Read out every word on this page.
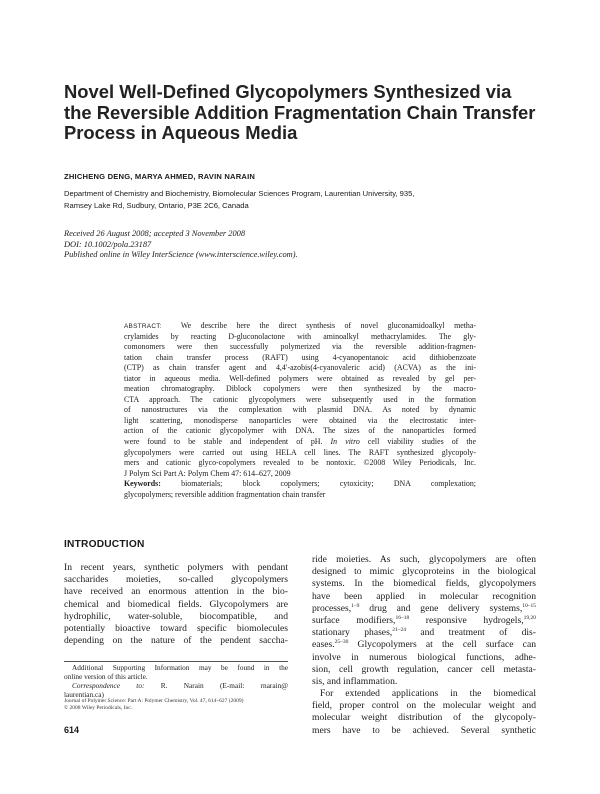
Novel Well-Defined Glycopolymers Synthesized via
the Reversible Addition Fragmentation Chain Transfer
Process in Aqueous Media
ZHICHENG DENG, MARYA AHMED, RAVIN NARAIN
Department of Chemistry and Biochemistry, Biomolecular Sciences Program, Laurentian University, 935,
Ramsey Lake Rd, Sudbury, Ontario, P3E 2C6, Canada
Received 26 August 2008; accepted 3 November 2008
DOI: 10.1002/pola.23187
Published online in Wiley InterScience (www.interscience.wiley.com).
ABSTRACT: We describe here the direct synthesis of novel gluconamidoalkyl metha-
crylamides by reacting D-gluconolactone with aminoalkyl methacrylamides. The gly-
comonomers were then successfully polymerized via the reversible addition-fragmen-
tation chain transfer process (RAFT) using 4-cyanopentanoic acid dithiobenzoate
(CTP) as chain transfer agent and 4,4′-azobis(4-cyanovaleric acid) (ACVA) as the ini-
tiator in aqueous media. Well-defined polymers were obtained as revealed by gel per-
meation chromatography. Diblock copolymers were then synthesized by the macro-
CTA approach. The cationic glycopolymers were subsequently used in the formation
of nanostructures via the complexation with plasmid DNA. As noted by dynamic
light scattering, monodisperse nanoparticles were obtained via the electrostatic inter-
action of the cationic glycopolymer with DNA. The sizes of the nanoparticles formed
were found to be stable and independent of pH. In vitro cell viability studies of the
glycopolymers were carried out using HELA cell lines. The RAFT synthesized glycopoly-
mers and cationic glyco-copolymers revealed to be nontoxic. ©2008 Wiley Periodicals, Inc.
J Polym Sci Part A: Polym Chem 47: 614–627, 2009
Keywords:	biomaterials; block copolymers; cytoxicity; DNA complexation;
glycopolymers; reversible addition fragmentation chain transfer
INTRODUCTION
In recent years, synthetic polymers with pendant
saccharides moieties, so-called glycopolymers
have received an enormous attention in the bio-
chemical and biomedical fields. Glycopolymers are
hydrophilic, water-soluble, biocompatible, and
potentially bioactive toward specific biomolecules
depending on the nature of the pendent saccha-
ride moieties. As such, glycopolymers are often
designed to mimic glycoproteins in the biological
systems. In the biomedical fields, glycopolymers
have been applied in molecular recognition
processes,$^{1-9}$ drug and gene delivery systems,$^{10-15}$
surface modifiers,$^{16-18}$ responsive hydrogels,$^{19,20}$
stationary phases,$^{21-24}$ and treatment of dis-
eases.$^{25-30}$ Glycopolymers at the cell surface can
involve in numerous biological functions, adhe-
sion, cell growth regulation, cancer cell metasta-
sis, and inflammation.
For extended applications in the biomedical
field, proper control on the molecular weight and
molecular weight distribution of the glycopoly-
mers have to be achieved. Several synthetic
Additional Supporting Information may be found in the
online version of this article.
Correspondence to: R. Narain (E-mail: rnarain@
laurentian.ca)
Journal of Polymer Science: Part A: Polymer Chemistry, Vol. 47, 614–627 (2009)
© 2008 Wiley Periodicals, Inc.
614
